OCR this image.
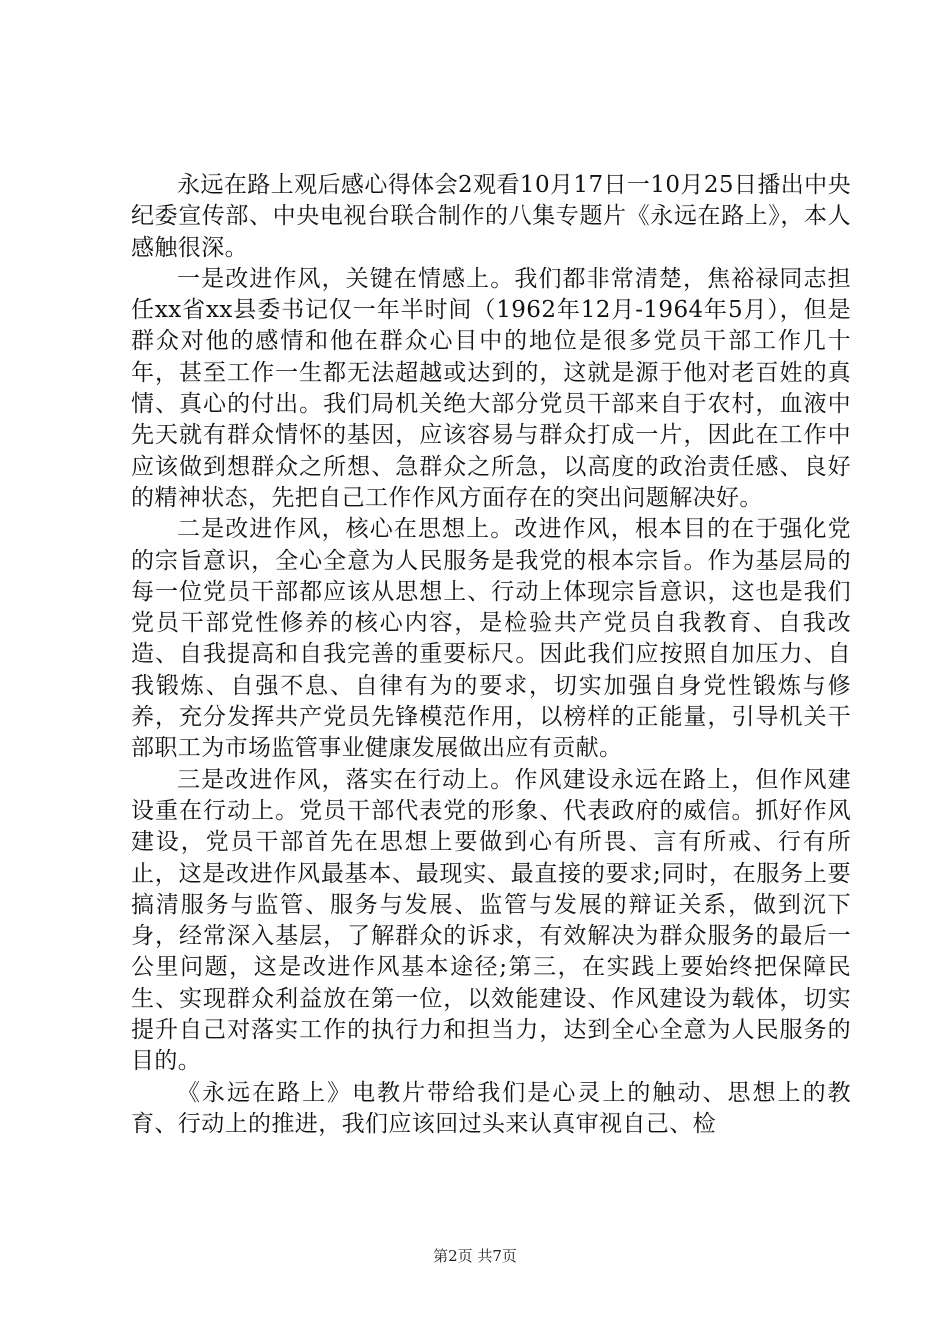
永远在路上观后感心得体会2观看10月17日一10月25日播出中央纪委宣传部、中央电视台联合制作的八集专题片《永远在路上》，本人感触很深。

一是改进作风，关键在情感上。我们都非常清楚，焦裕禄同志担任xx省xx县委书记仅一年半时间（1962年12月-1964年5月），但是群众对他的感情和他在群众心目中的地位是很多党员干部工作几十年，甚至工作一生都无法超越或达到的，这就是源于他对老百姓的真情、真心的付出。我们局机关绝大部分党员干部来自于农村，血液中先天就有群众情怀的基因，应该容易与群众打成一片，因此在工作中应该做到想群众之所想、急群众之所急，以高度的政治责任感、良好的精神状态，先把自己工作作风方面存在的突出问题解决好。

二是改进作风，核心在思想上。改进作风，根本目的在于强化党的宗旨意识，全心全意为人民服务是我党的根本宗旨。作为基层局的每一位党员干部都应该从思想上、行动上体现宗旨意识，这也是我们党员干部党性修养的核心内容，是检验共产党员自我教育、自我改造、自我提高和自我完善的重要标尺。因此我们应按照自加压力、自我锻炼、自强不息、自律有为的要求，切实加强自身党性锻炼与修养，充分发挥共产党员先锋模范作用，以榜样的正能量，引导机关干部职工为市场监管事业健康发展做出应有贡献。

三是改进作风，落实在行动上。作风建设永远在路上，但作风建设重在行动上。党员干部代表党的形象、代表政府的威信。抓好作风建设，党员干部首先在思想上要做到心有所畏、言有所戒、行有所止，这是改进作风最基本、最现实、最直接的要求;同时，在服务上要搞清服务与监管、服务与发展、监管与发展的辩证关系，做到沉下身，经常深入基层，了解群众的诉求，有效解决为群众服务的最后一公里问题，这是改进作风基本途径;第三，在实践上要始终把保障民生、实现群众利益放在第一位，以效能建设、作风建设为载体，切实提升自己对落实工作的执行力和担当力，达到全心全意为人民服务的目的。

《永远在路上》电教片带给我们是心灵上的触动、思想上的教育、行动上的推进，我们应该回过头来认真审视自己、检

第2页 共7页
